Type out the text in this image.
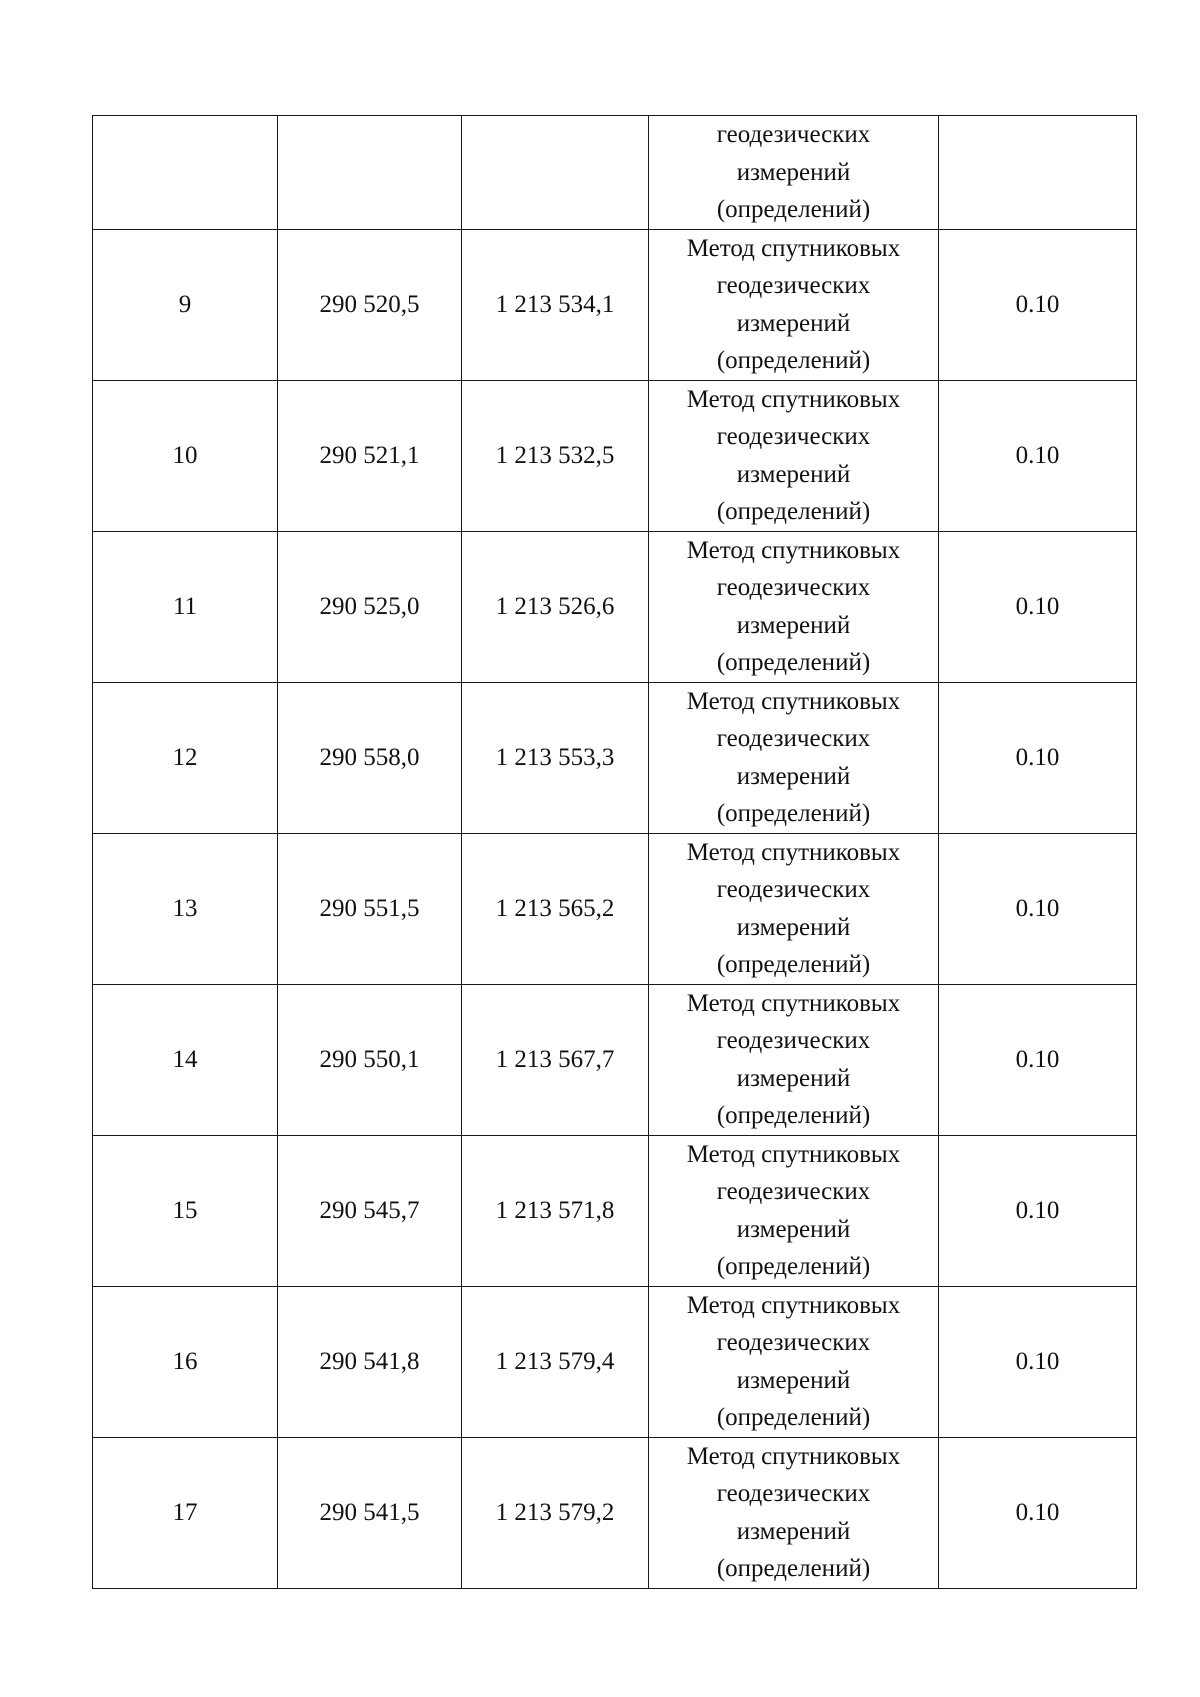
			геодезических
измерений
(определений)	

9	290 520,5	1 213 534,1	Метод спутниковых
геодезических
измерений
(определений)	0.10
10	290 521,1	1 213 532,5	Метод спутниковых
геодезических
измерений
(определений)	0.10
11	290 525,0	1 213 526,6	Метод спутниковых
геодезических
измерений
(определений)	0.10
12	290 558,0	1 213 553,3	Метод спутниковых
геодезических
измерений
(определений)	0.10
13	290 551,5	1 213 565,2	Метод спутниковых
геодезических
измерений
(определений)	0.10
14	290 550,1	1 213 567,7	Метод спутниковых
геодезических
измерений
(определений)	0.10
15	290 545,7	1 213 571,8	Метод спутниковых
геодезических
измерений
(определений)	0.10
16	290 541,8	1 213 579,4	Метод спутниковых
геодезических
измерений
(определений)	0.10
17	290 541,5	1 213 579,2	Метод спутниковых
геодезических
измерений
(определений)	0.10
